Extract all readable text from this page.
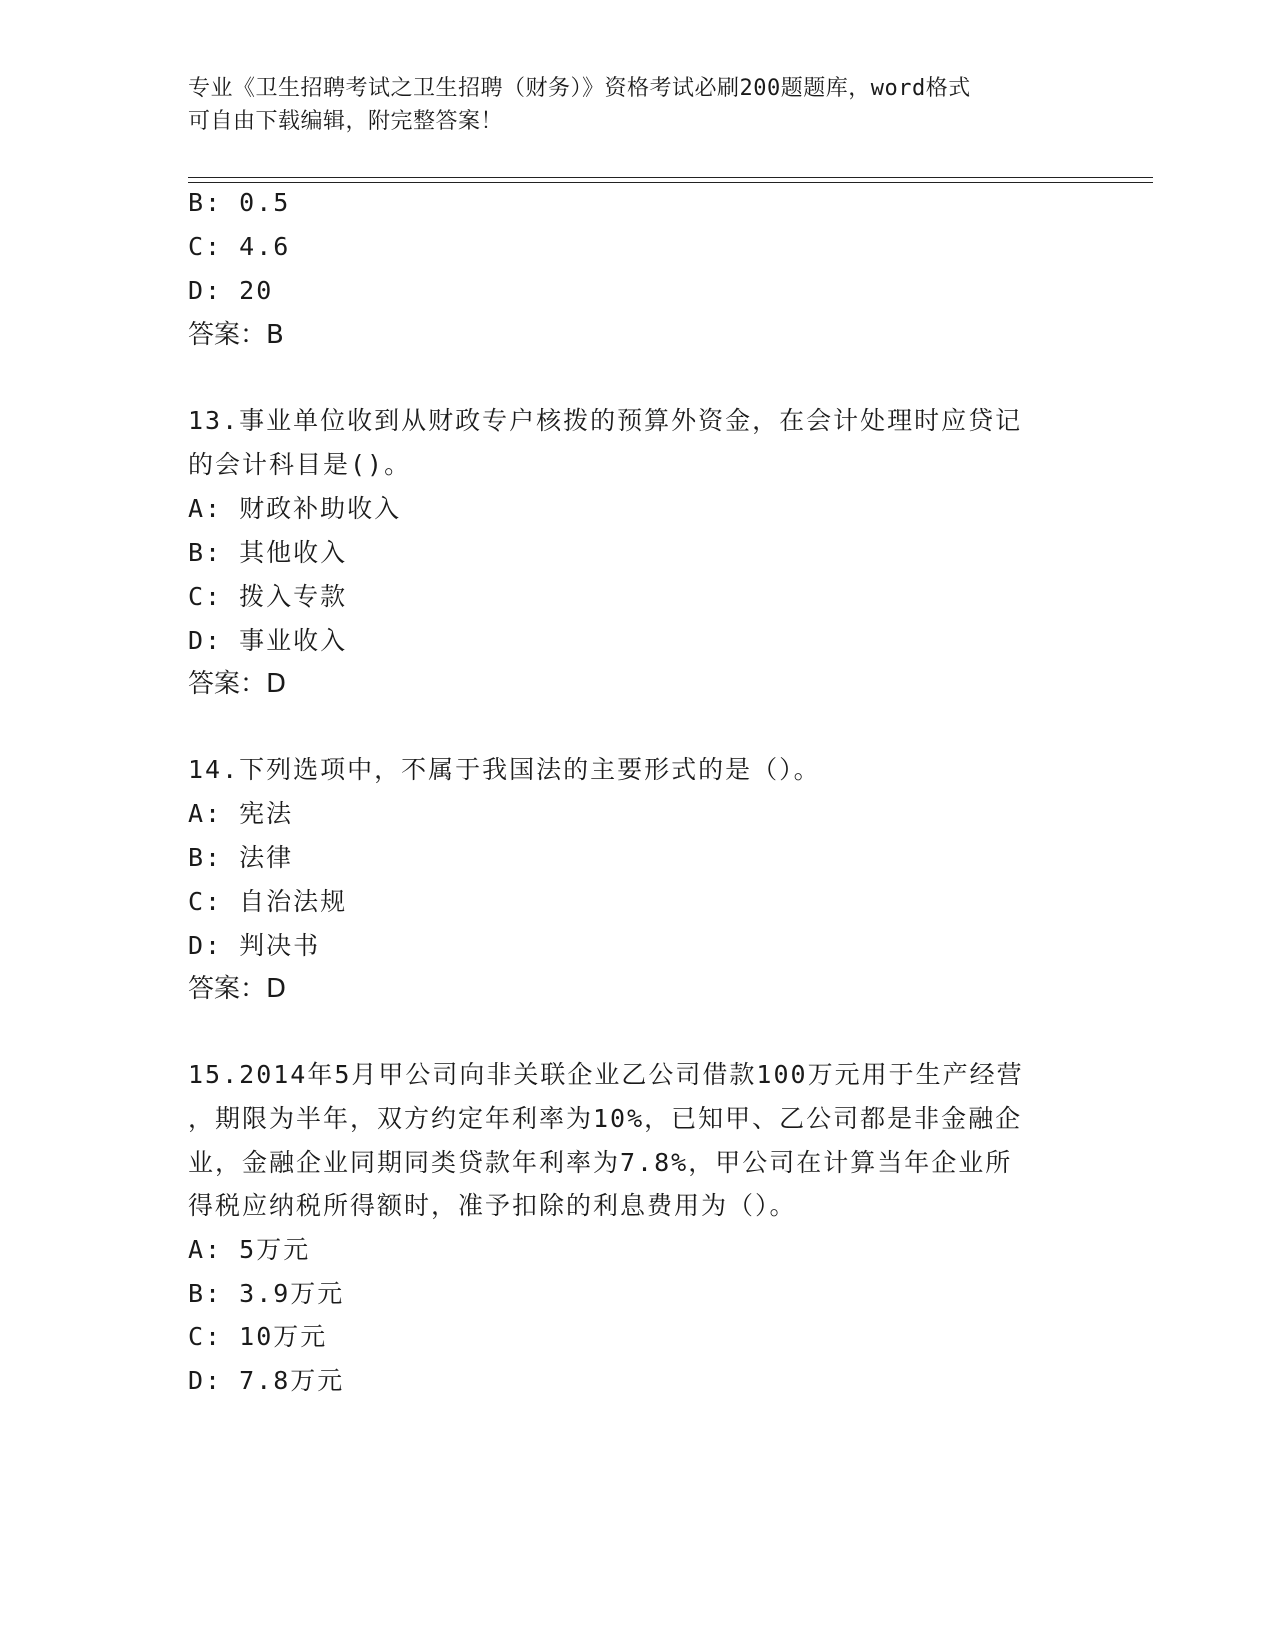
专业《卫生招聘考试之卫生招聘（财务）》资格考试必刷200题题库，word格式
可自由下载编辑，附完整答案！
B: 0.5
C: 4.6
D: 20
答案：B
13.事业单位收到从财政专户核拨的预算外资金，在会计处理时应贷记
的会计科目是()。
A: 财政补助收入
B: 其他收入
C: 拨入专款
D: 事业收入
答案：D
14.下列选项中，不属于我国法的主要形式的是（）。
A: 宪法
B: 法律
C: 自治法规
D: 判决书
答案：D
15.2014年5月甲公司向非关联企业乙公司借款100万元用于生产经营
，期限为半年，双方约定年利率为10%，已知甲、乙公司都是非金融企
业，金融企业同期同类贷款年利率为7.8%，甲公司在计算当年企业所
得税应纳税所得额时，准予扣除的利息费用为（）。
A: 5万元
B: 3.9万元
C: 10万元
D: 7.8万元
